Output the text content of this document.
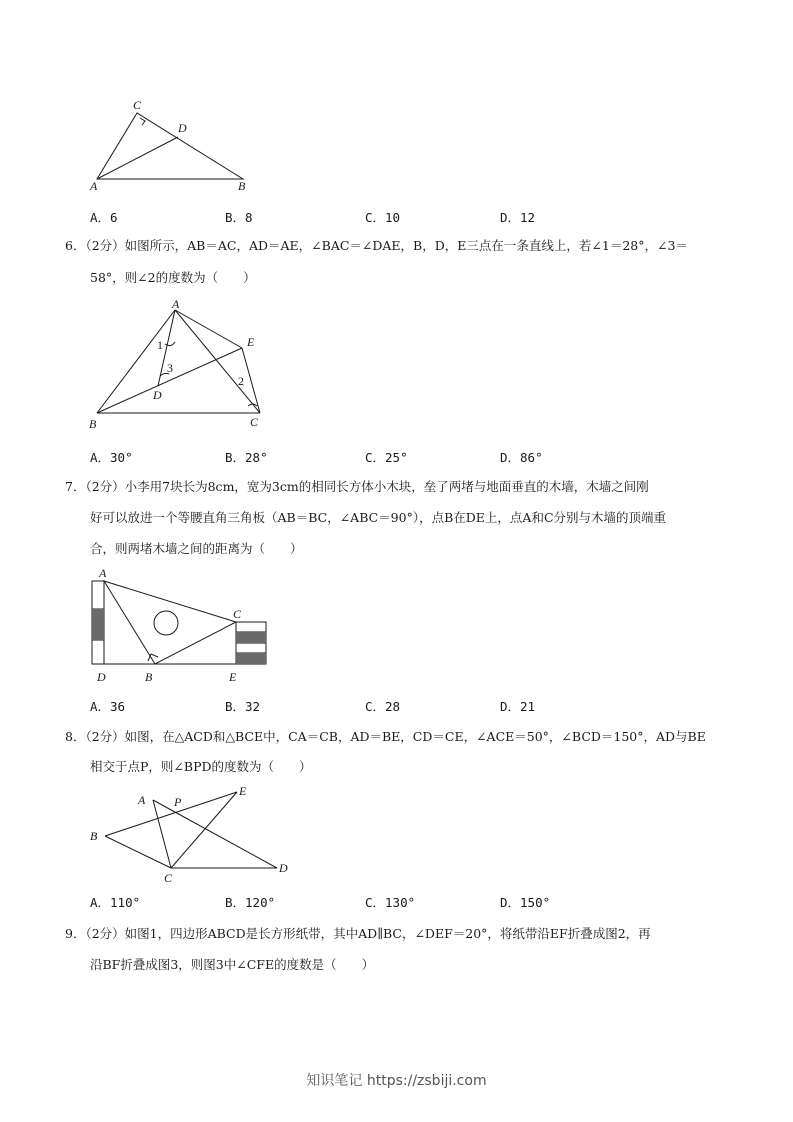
C
D
A	B
A．6	B．8	C．10	D．12
6．（2分）如图所示，AB＝AC，AD＝AE，∠BAC＝∠DAE，B，D，E三点在一条直线上，若∠1＝28°，∠3＝
58°，则∠2的度数为（　　）
A
E
B	C
D
1
3
2
A．30°	B．28°	C．25°	D．86°
7．（2分）小李用7块长为8cm，宽为3cm的相同长方体小木块，垒了两堵与地面垂直的木墙，木墙之间刚
好可以放进一个等腰直角三角板（AB＝BC，∠ABC＝90°），点B在DE上，点A和C分别与木墙的顶端重
合，则两堵木墙之间的距离为（　　）
A
C
D	B	E
A．36	B．32	C．28	D．21
8．（2分）如图，在△ACD和△BCE中，CA＝CB，AD＝BE，CD＝CE，∠ACE＝50°，∠BCD＝150°，AD与BE
相交于点P，则∠BPD的度数为（　　）
A P
E
B
C
D
A．110°	B．120°	C．130°	D．150°
9．（2分）如图1，四边形ABCD是长方形纸带，其中AD∥BC，∠DEF＝20°，将纸带沿EF折叠成图2，再
沿BF折叠成图3，则图3中∠CFE的度数是（　　）
知识笔记 https://zsbiji.com
